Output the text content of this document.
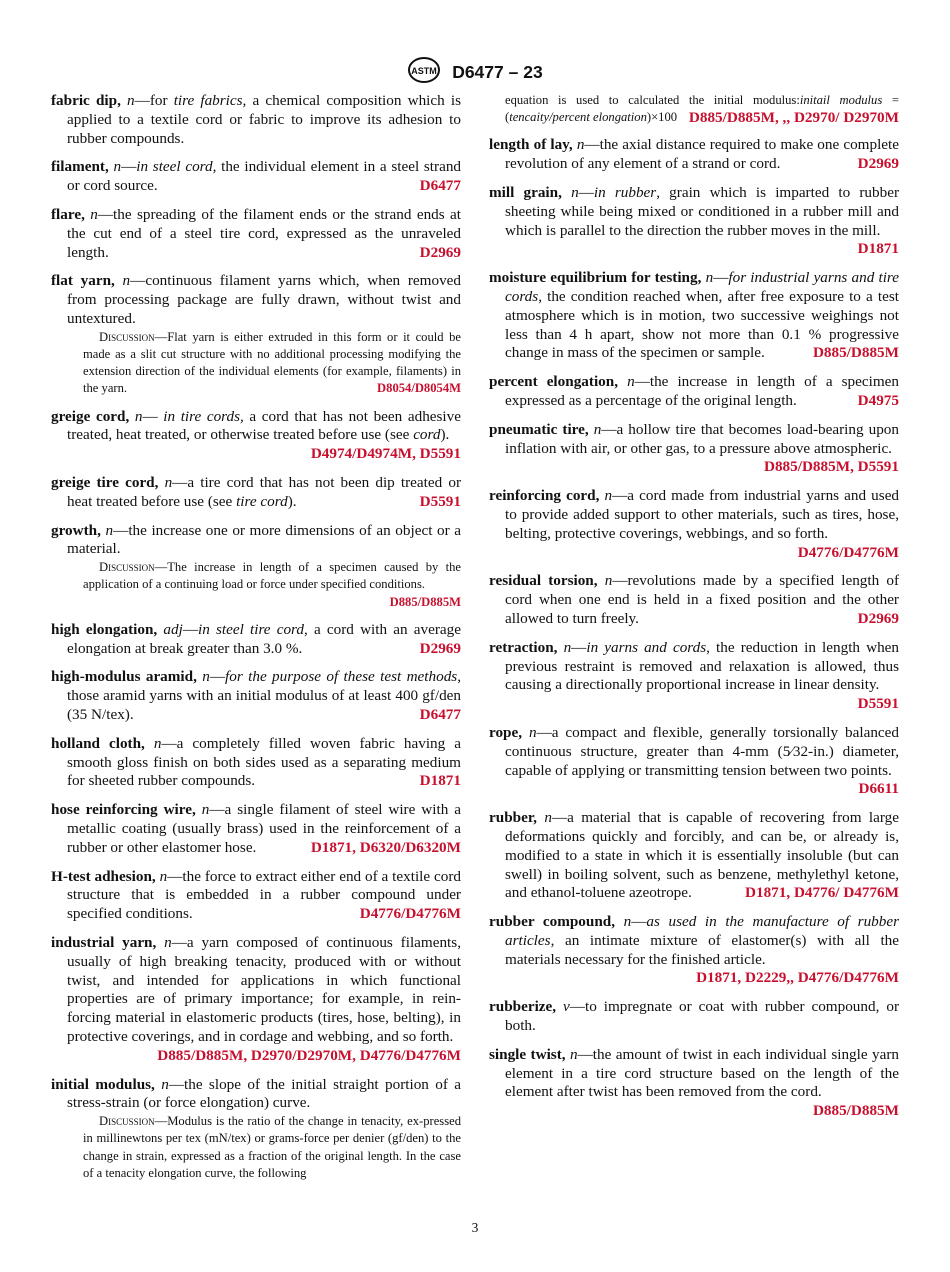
ASTM D6477 – 23
fabric dip, n—for tire fabrics, a chemical composition which is applied to a textile cord or fabric to improve its adhesion to rubber compounds.
filament, n—in steel cord, the individual element in a steel strand or cord source.	D6477
flare, n—the spreading of the filament ends or the strand ends at the cut end of a steel tire cord, expressed as the unraveled length.	D2969
flat yarn, n—continuous filament yarns which, when removed from processing package are fully drawn, without twist and untextured.
Discussion—Flat yarn is either extruded in this form or it could be made as a slit cut structure with no additional processing modifying the extension direction of the individual elements (for example, filaments) in the yarn.	D8054/D8054M
greige cord, n— in tire cords, a cord that has not been adhesive treated, heat treated, or otherwise treated before use (see cord).
D4974/D4974M, D5591
greige tire cord, n—a tire cord that has not been dip treated or heat treated before use (see tire cord).	D5591
growth, n—the increase one or more dimensions of an object or a material.
Discussion—The increase in length of a specimen caused by the application of a continuing load or force under specified conditions.
D885/D885M
high elongation, adj—in steel tire cord, a cord with an average elongation at break greater than 3.0 %.	D2969
high-modulus aramid, n—for the purpose of these test methods, those aramid yarns with an initial modulus of at least 400 gf/den (35 N/tex).	D6477
holland cloth, n—a completely filled woven fabric having a smooth gloss finish on both sides used as a separating medium for sheeted rubber compounds.	D1871
hose reinforcing wire, n—a single filament of steel wire with a metallic coating (usually brass) used in the reinforcement of a rubber or other elastomer hose.	D1871, D6320/D6320M
H-test adhesion, n—the force to extract either end of a textile cord structure that is embedded in a rubber compound under specified conditions.	D4776/D4776M
industrial yarn, n—a yarn composed of continuous filaments, usually of high breaking tenacity, produced with or without twist, and intended for applications in which functional properties are of primary importance; for example, in rein-forcing material in elastomeric products (tires, hose, belting), in protective coverings, and in cordage and webbing, and so forth.
D885/D885M, D2970/D2970M, D4776/D4776M
initial modulus, n—the slope of the initial straight portion of a stress-strain (or force elongation) curve.
Discussion—Modulus is the ratio of the change in tenacity, ex-pressed in millinewtons per tex (mN/tex) or grams-force per denier (gf/den) to the change in strain, expressed as a fraction of the original length. In the case of a tenacity elongation curve, the following
equation is used to calculated the initial modulus:initail modulus = (tencaity/percent elongation)×100 D885/D885M, ,, D2970/ D2970M
length of lay, n—the axial distance required to make one complete revolution of any element of a strand or cord.	D2969
mill grain, n—in rubber, grain which is imparted to rubber sheeting while being mixed or conditioned in a rubber mill and which is parallel to the direction the rubber moves in the mill.
D1871
moisture equilibrium for testing, n—for industrial yarns and tire cords, the condition reached when, after free exposure to a test atmosphere which is in motion, two successive weighings not less than 4 h apart, show not more than 0.1 % progressive change in mass of the specimen or sample.	D885/D885M
percent elongation, n—the increase in length of a specimen expressed as a percentage of the original length.	D4975
pneumatic tire, n—a hollow tire that becomes load-bearing upon inflation with air, or other gas, to a pressure above atmospheric.
D885/D885M, D5591
reinforcing cord, n—a cord made from industrial yarns and used to provide added support to other materials, such as tires, hose, belting, protective coverings, webbings, and so forth.
D4776/D4776M
residual torsion, n—revolutions made by a specified length of cord when one end is held in a fixed position and the other allowed to turn freely.	D2969
retraction, n—in yarns and cords, the reduction in length when previous restraint is removed and relaxation is allowed, thus causing a directionally proportional increase in linear density.
D5591
rope, n—a compact and flexible, generally torsionally balanced continuous structure, greater than 4-mm (5⁄32-in.) diameter, capable of applying or transmitting tension between two points.
D6611
rubber, n—a material that is capable of recovering from large deformations quickly and forcibly, and can be, or already is, modified to a state in which it is essentially insoluble (but can swell) in boiling solvent, such as benzene, methylethyl ketone, and ethanol-toluene azeotrope.	D1871, D4776/ D4776M
rubber compound, n—as used in the manufacture of rubber articles, an intimate mixture of elastomer(s) with all the materials necessary for the finished article.
D1871, D2229,, D4776/D4776M
rubberize, v—to impregnate or coat with rubber compound, or both.
single twist, n—the amount of twist in each individual single yarn element in a tire cord structure based on the length of the element after twist has been removed from the cord.
D885/D885M
3
